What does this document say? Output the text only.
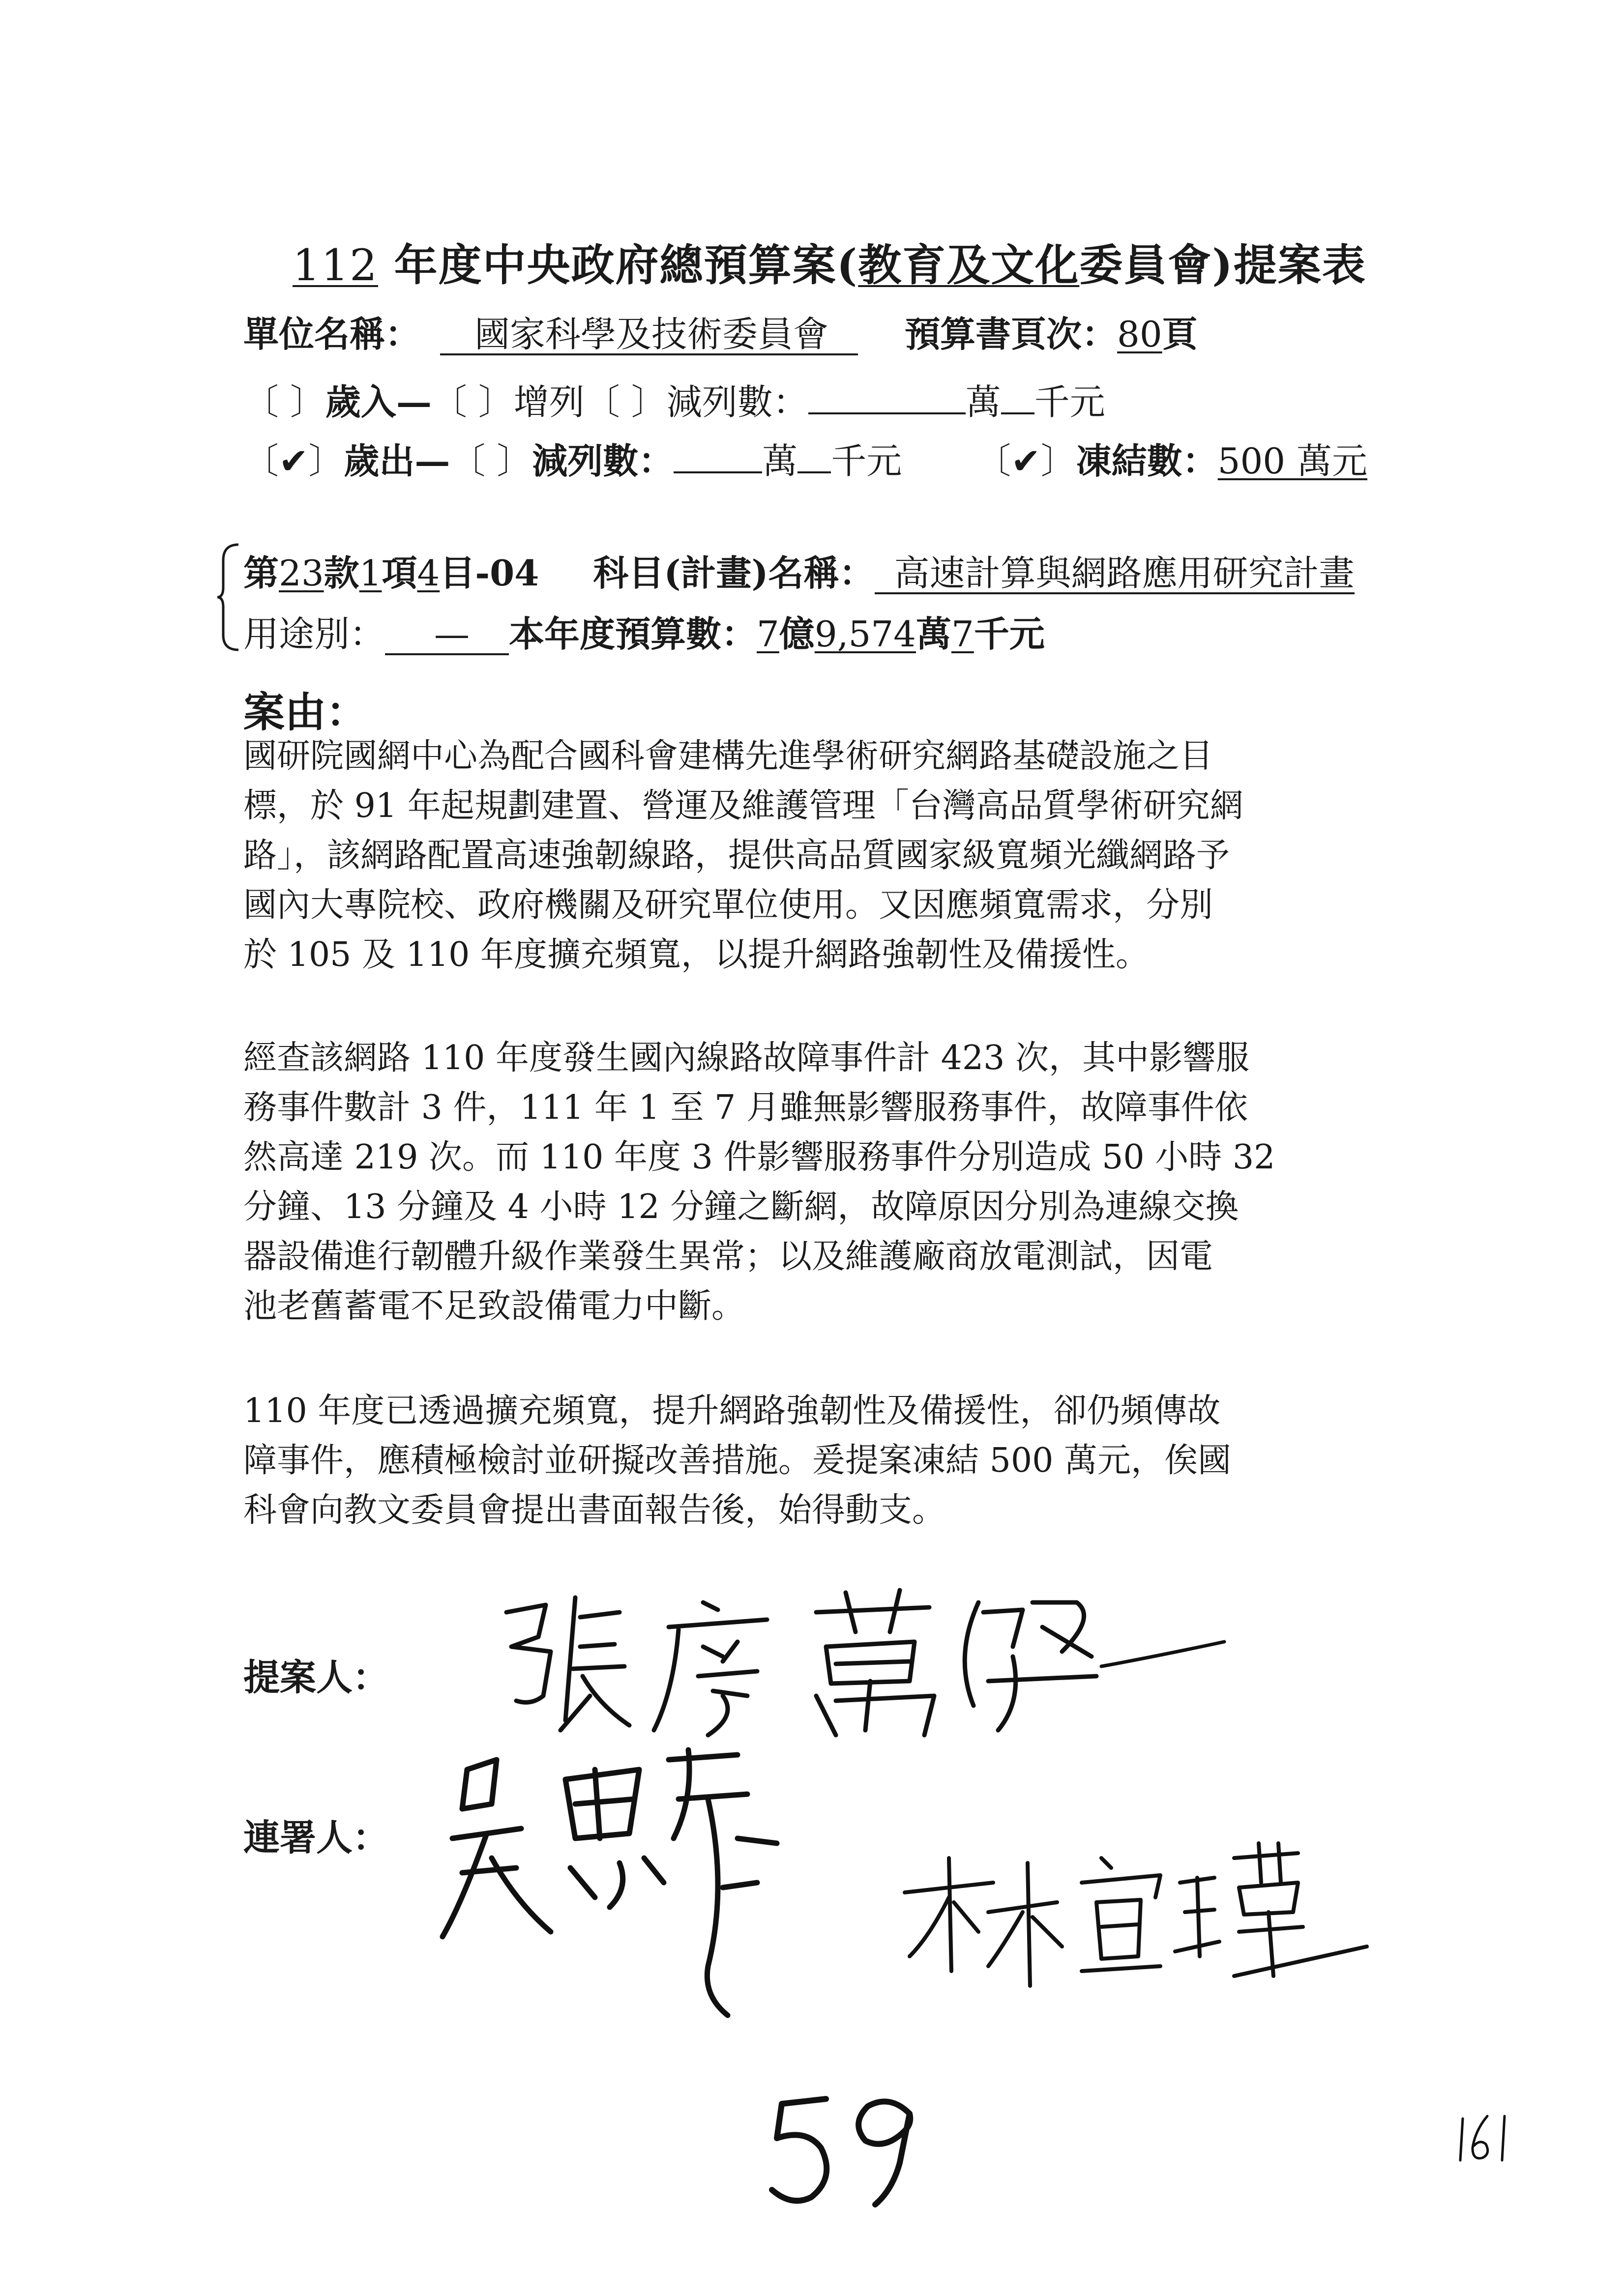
112 年度中央政府總預算案(教育及文化委員會)提案表
單位名稱： 國家科學及技術委員會 預算書頁次：80頁
〔 〕歲入—〔 〕增列〔 〕減列數：	萬 千元
〔✔〕歲出—〔 〕減列數：	萬 千元 〔✔〕凍結數：500 萬元
第23款1項4目-04 科目(計畫)名稱： 高速計算與網路應用研究計畫
用途別： — 本年度預算數：7億9,574萬7千元
案由：
國研院國網中心為配合國科會建構先進學術研究網路基礎設施之目
標，於 91 年起規劃建置、營運及維護管理「台灣高品質學術研究網
路」，該網路配置高速強韌線路，提供高品質國家級寬頻光纖網路予
國內大專院校、政府機關及研究單位使用。又因應頻寬需求，分別
於 105 及 110 年度擴充頻寬，以提升網路強韌性及備援性。
經查該網路 110 年度發生國內線路故障事件計 423 次，其中影響服
務事件數計 3 件，111 年 1 至 7 月雖無影響服務事件，故障事件依
然高達 219 次。而 110 年度 3 件影響服務事件分別造成 50 小時 32
分鐘、13 分鐘及 4 小時 12 分鐘之斷網，故障原因分別為連線交換
器設備進行韌體升級作業發生異常；以及維護廠商放電測試，因電
池老舊蓄電不足致設備電力中斷。
110 年度已透過擴充頻寬，提升網路強韌性及備援性，卻仍頻傳故
障事件，應積極檢討並研擬改善措施。爰提案凍結 500 萬元，俟國
科會向教文委員會提出書面報告後，始得動支。
提案人：
連署人：
